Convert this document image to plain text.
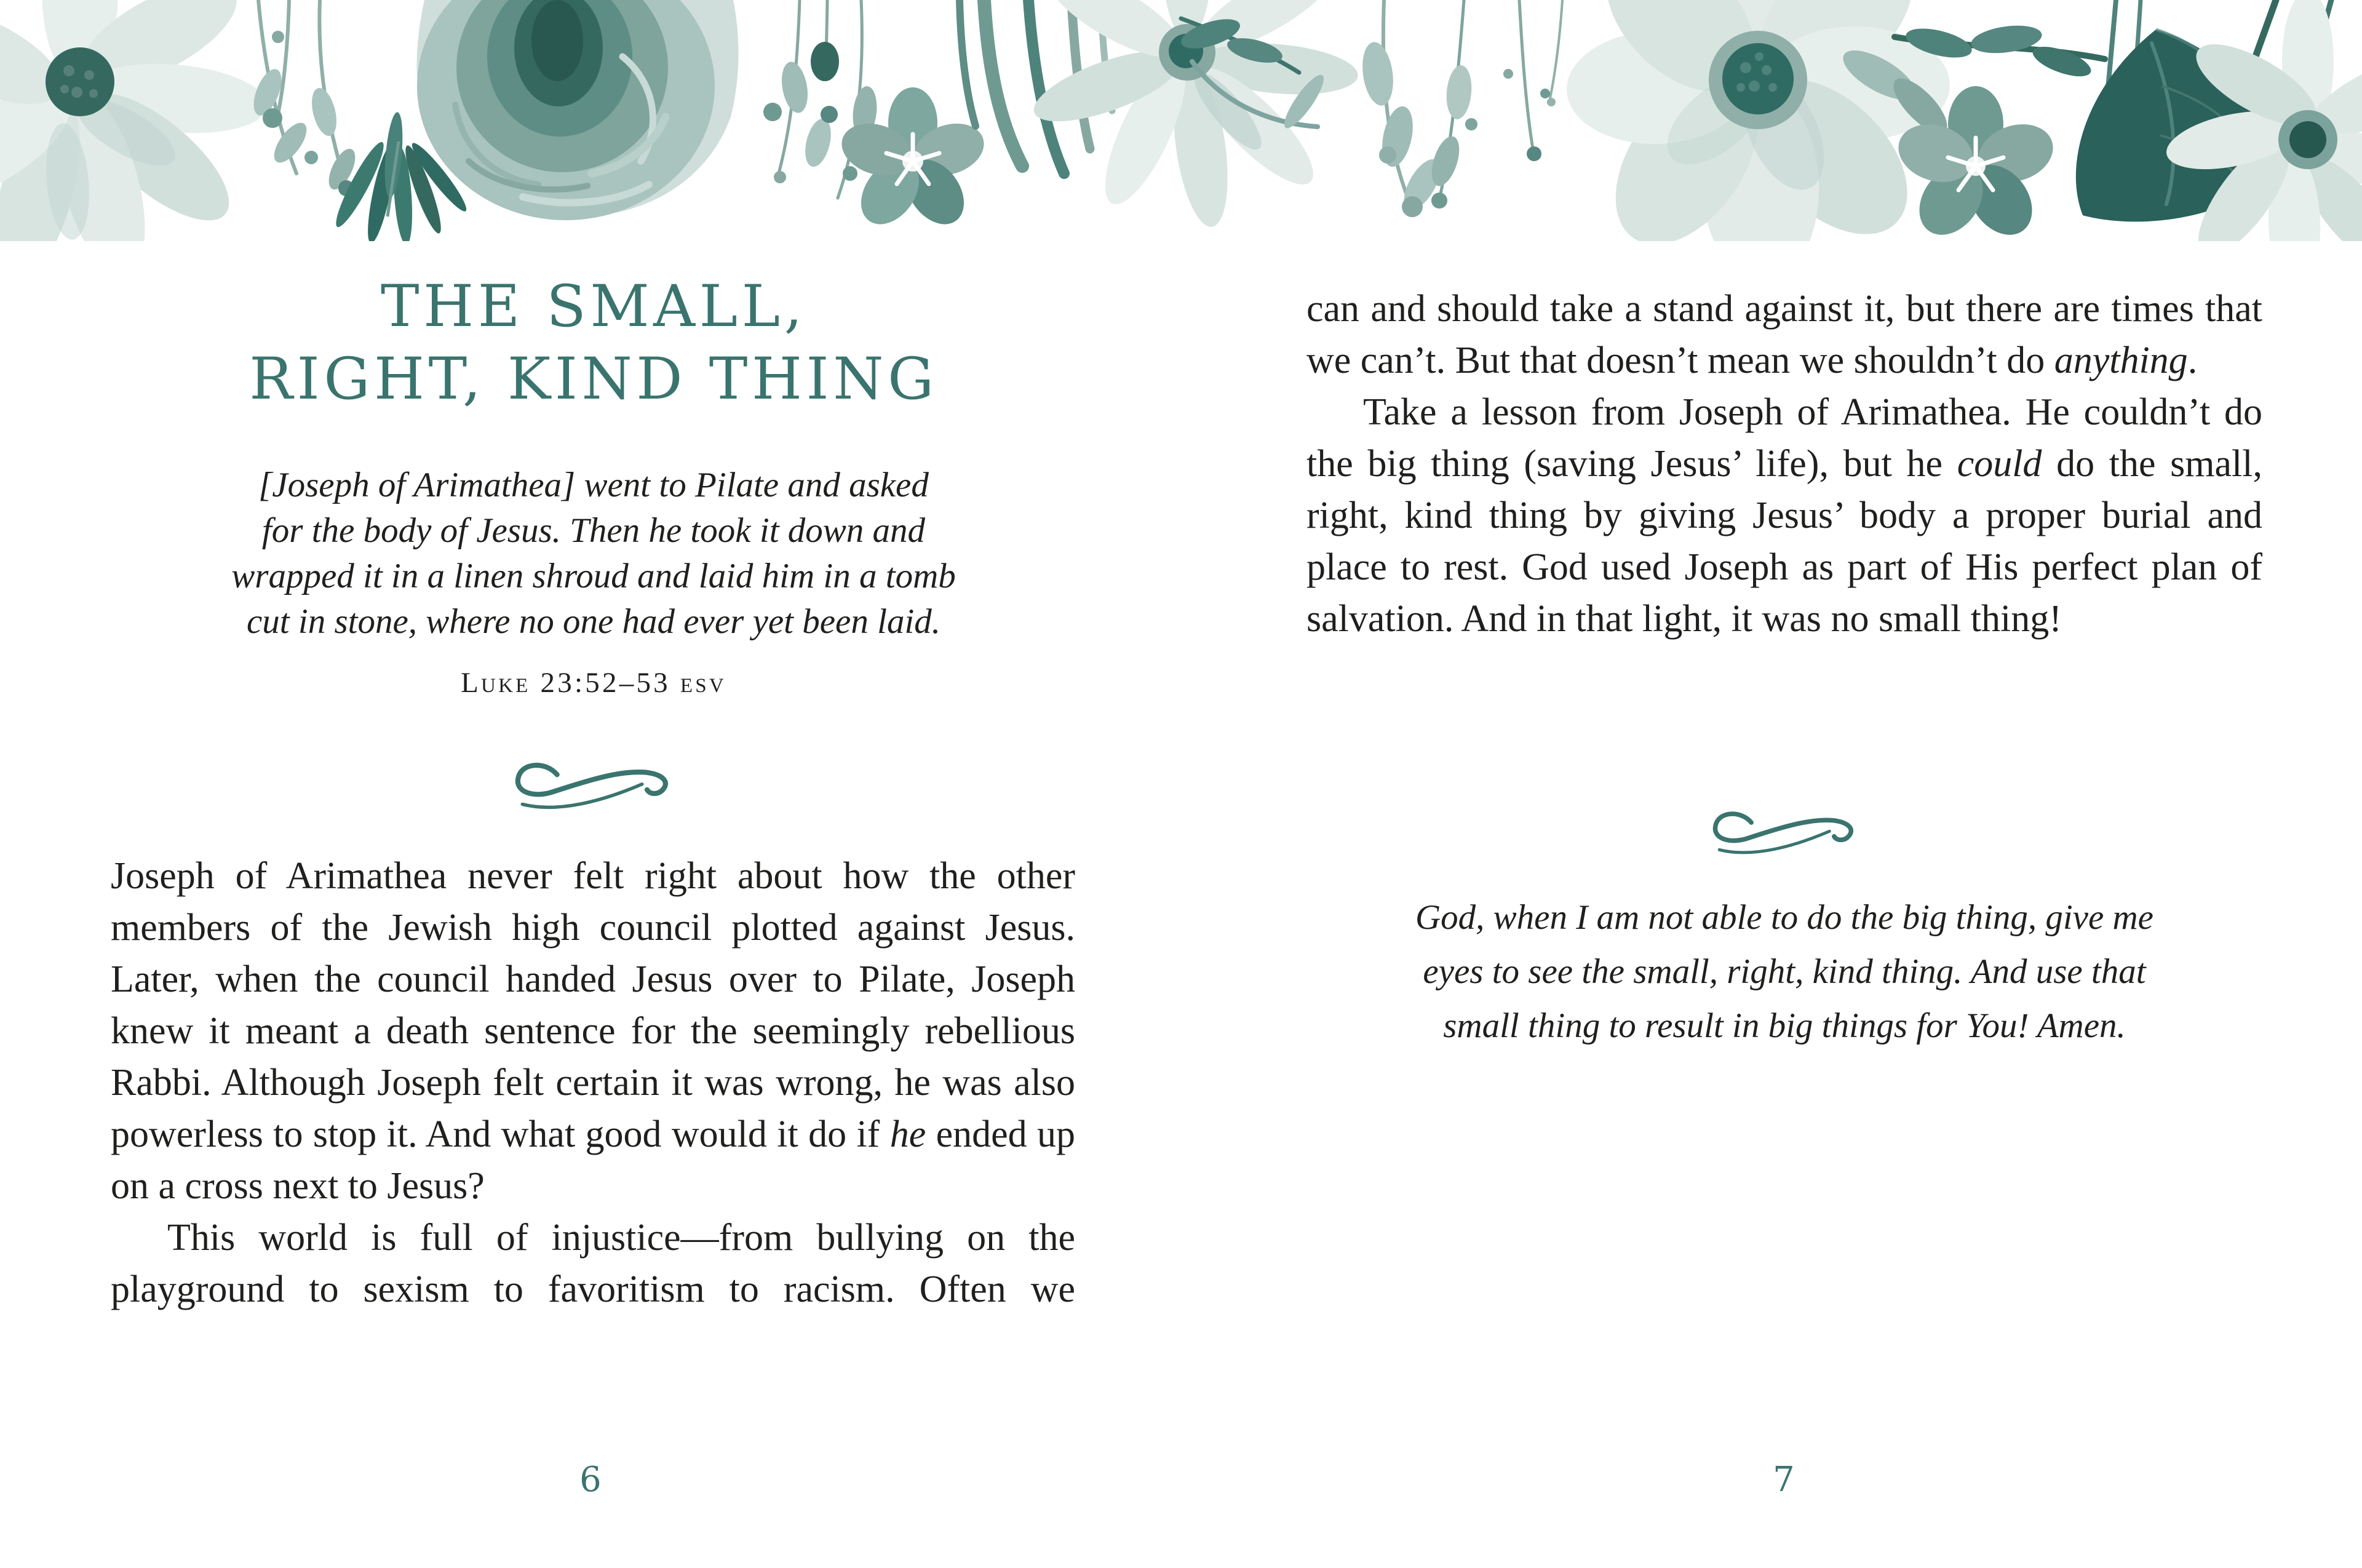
THE SMALL,
RIGHT, KIND THING
[Joseph of Arimathea] went to Pilate and asked
for the body of Jesus. Then he took it down and
wrapped it in a linen shroud and laid him in a tomb
cut in stone, where no one had ever yet been laid.
Luke 23:52–53 esv
Joseph of Arimathea never felt right about how the other members of the Jewish high council plotted against Jesus. Later, when the council handed Jesus over to Pilate, Joseph knew it meant a death sentence for the seemingly rebellious Rabbi. Although Joseph felt certain it was wrong, he was also powerless to stop it. And what good would it do if he ended up on a cross next to Jesus?
This world is full of injustice—from bullying on the playground to sexism to favoritism to racism. Often we
6
can and should take a stand against it, but there are times that we can’t. But that doesn’t mean we shouldn’t do anything.
Take a lesson from Joseph of Arimathea. He couldn’t do the big thing (saving Jesus’ life), but he could do the small, right, kind thing by giving Jesus’ body a proper burial and place to rest. God used Joseph as part of His perfect plan of salvation. And in that light, it was no small thing!
God, when I am not able to do the big thing, give me
eyes to see the small, right, kind thing. And use that
small thing to result in big things for You! Amen.
7
